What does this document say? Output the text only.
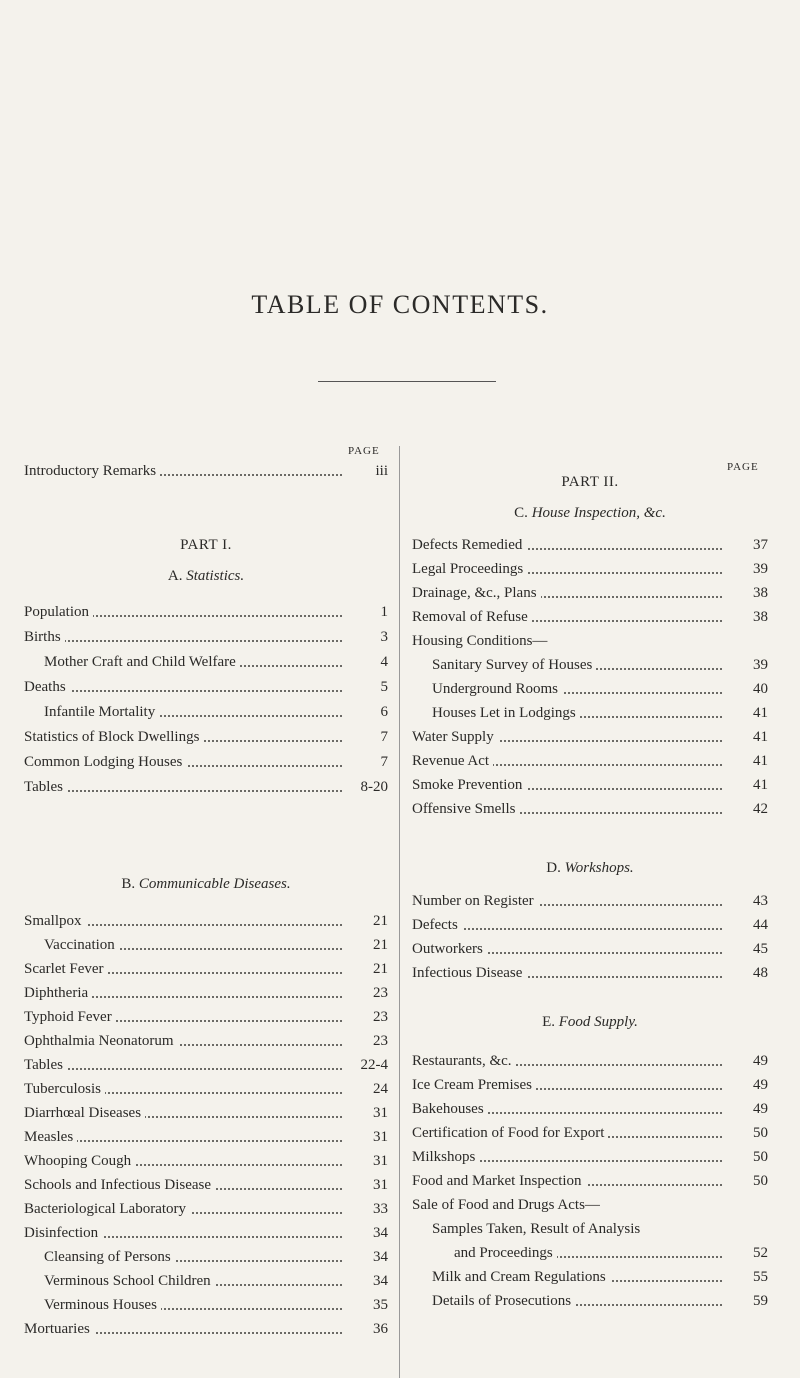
TABLE OF CONTENTS.
PAGE
PAGE
Introductory Remarks	iii
PART I.
A. Statistics.
Population	1
Births	3
Mother Craft and Child Welfare	4
Deaths	5
Infantile Mortality	6
Statistics of Block Dwellings	7
Common Lodging Houses	7
Tables	8-20
B. Communicable Diseases.
Smallpox	21
Vaccination	21
Scarlet Fever	21
Diphtheria	23
Typhoid Fever	23
Ophthalmia Neonatorum	23
Tables	22-4
Tuberculosis	24
Diarrhœal Diseases	31
Measles	31
Whooping Cough	31
Schools and Infectious Disease	31
Bacteriological Laboratory	33
Disinfection	34
Cleansing of Persons	34
Verminous School Children	34
Verminous Houses	35
Mortuaries	36
PART II.
C. House Inspection, &c.
Defects Remedied	37
Legal Proceedings	39
Drainage, &c., Plans	38
Removal of Refuse	38
Housing Conditions—
Sanitary Survey of Houses	39
Underground Rooms	40
Houses Let in Lodgings	41
Water Supply	41
Revenue Act	41
Smoke Prevention	41
Offensive Smells	42
D. Workshops.
Number on Register	43
Defects	44
Outworkers	45
Infectious Disease	48
E. Food Supply.
Restaurants, &c.	49
Ice Cream Premises	49
Bakehouses	49
Certification of Food for Export	50
Milkshops	50
Food and Market Inspection	50
Sale of Food and Drugs Acts—
Samples Taken, Result of Analysis
and Proceedings	52
Milk and Cream Regulations	55
Details of Prosecutions	59
